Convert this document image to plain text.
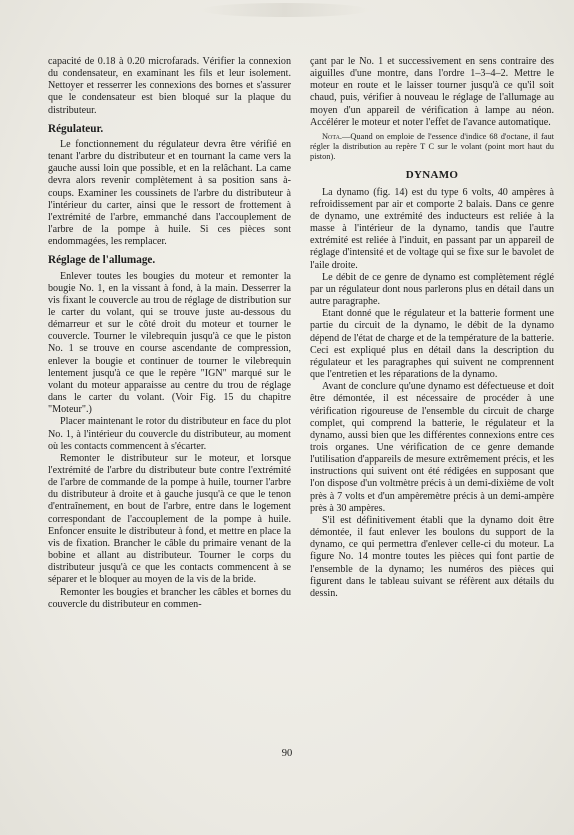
capacité de 0.18 à 0.20 microfarads. Vérifier la connexion du condensateur, en examinant les fils et leur isolement. Nettoyer et resserrer les connexions des bornes et s'assurer que le condensateur est bien bloqué sur la plaque du distributeur.

Régulateur.

Le fonctionnement du régulateur devra être vérifié en tenant l'arbre du distributeur et en tournant la came vers la gauche aussi loin que possible, et en la relâchant. La came devra alors revenir complètement à sa position sans à-coups. Examiner les coussinets de l'arbre du distributeur à l'intérieur du carter, ainsi que le ressort de frottement à l'extrémité de l'arbre, emmanché dans l'accouplement de l'arbre de la pompe à huile. Si ces pièces sont endommagées, les remplacer.

Réglage de l'allumage.

Enlever toutes les bougies du moteur et remonter la bougie No. 1, en la vissant à fond, à la main. Desserrer la vis fixant le couvercle au trou de réglage de distribution sur le carter du volant, qui se trouve juste au-dessous du démarreur et sur le côté droit du moteur et tourner le couvercle. Tourner le vilebrequin jusqu'à ce que le piston No. 1 se trouve en course ascendante de compression, enlever la bougie et continuer de tourner le vilebrequin lentement jusqu'à ce que le repère "IGN" marqué sur le volant du moteur apparaisse au centre du trou de réglage dans le carter du volant. (Voir Fig. 15 du chapitre "Moteur".)

Placer maintenant le rotor du distributeur en face du plot No. 1, à l'intérieur du couvercle du distributeur, au moment où les contacts commencent à s'écarter.

Remonter le distributeur sur le moteur, et lorsque l'extrémité de l'arbre du distributeur bute contre l'extrémité de l'arbre de commande de la pompe à huile, tourner l'arbre du distributeur à droite et à gauche jusqu'à ce que le tenon d'entraînement, en bout de l'arbre, entre dans le logement correspondant de l'accouplement de la pompe à huile. Enfoncer ensuite le distributeur à fond, et mettre en place la vis de fixation. Brancher le câble du primaire venant de la bobine et allant au distributeur. Tourner le corps du distributeur jusqu'à ce que les contacts commencent à se séparer et le bloquer au moyen de la vis de la bride.

Remonter les bougies et brancher les câbles et bornes du couvercle du distributeur en commen-

çant par le No. 1 et successivement en sens contraire des aiguilles d'une montre, dans l'ordre 1–3–4–2. Mettre le moteur en route et le laisser tourner jusqu'à ce qu'il soit chaud, puis, vérifier à nouveau le réglage de l'allumage au moyen d'un appareil de vérification à lampe au néon. Accélérer le moteur et noter l'effet de l'avance automatique.

Nota.—Quand on emploie de l'essence d'indice 68 d'octane, il faut régler la distribution au repère T C sur le volant (point mort haut du piston).

DYNAMO

La dynamo (fig. 14) est du type 6 volts, 40 ampères à refroidissement par air et comporte 2 balais. Dans ce genre de dynamo, une extrémité des inducteurs est reliée à la masse à l'intérieur de la dynamo, tandis que l'autre extrémité est reliée à l'induit, en passant par un appareil de réglage d'intensité et de voltage qui se fixe sur le bavolet de l'aile droite.

Le débit de ce genre de dynamo est complètement réglé par un régulateur dont nous parlerons plus en détail dans un autre paragraphe.

Etant donné que le régulateur et la batterie forment une partie du circuit de la dynamo, le débit de la dynamo dépend de l'état de charge et de la température de la batterie. Ceci est expliqué plus en détail dans la description du régulateur et les paragraphes qui suivent ne comprennent que l'entretien et les réparations de la dynamo.

Avant de conclure qu'une dynamo est défectueuse et doit être démontée, il est nécessaire de procéder à une vérification rigoureuse de l'ensemble du circuit de charge complet, qui comprend la batterie, le régulateur et la dynamo, aussi bien que les différentes connexions entre ces trois organes. Une vérification de ce genre demande l'utilisation d'appareils de mesure extrêmement précis, et les instructions qui suivent ont été rédigées en supposant que l'on dispose d'un voltmètre précis à un demi-dixième de volt près à 7 volts et d'un ampèremètre précis à un demi-ampère près à 30 ampères.

S'il est définitivement établi que la dynamo doit être démontée, il faut enlever les boulons du support de la dynamo, ce qui permettra d'enlever celle-ci du moteur. La figure No. 14 montre toutes les pièces qui font partie de l'ensemble de la dynamo; les numéros des pièces qui figurent dans le tableau suivant se réfèrent aux détails du dessin.

90
